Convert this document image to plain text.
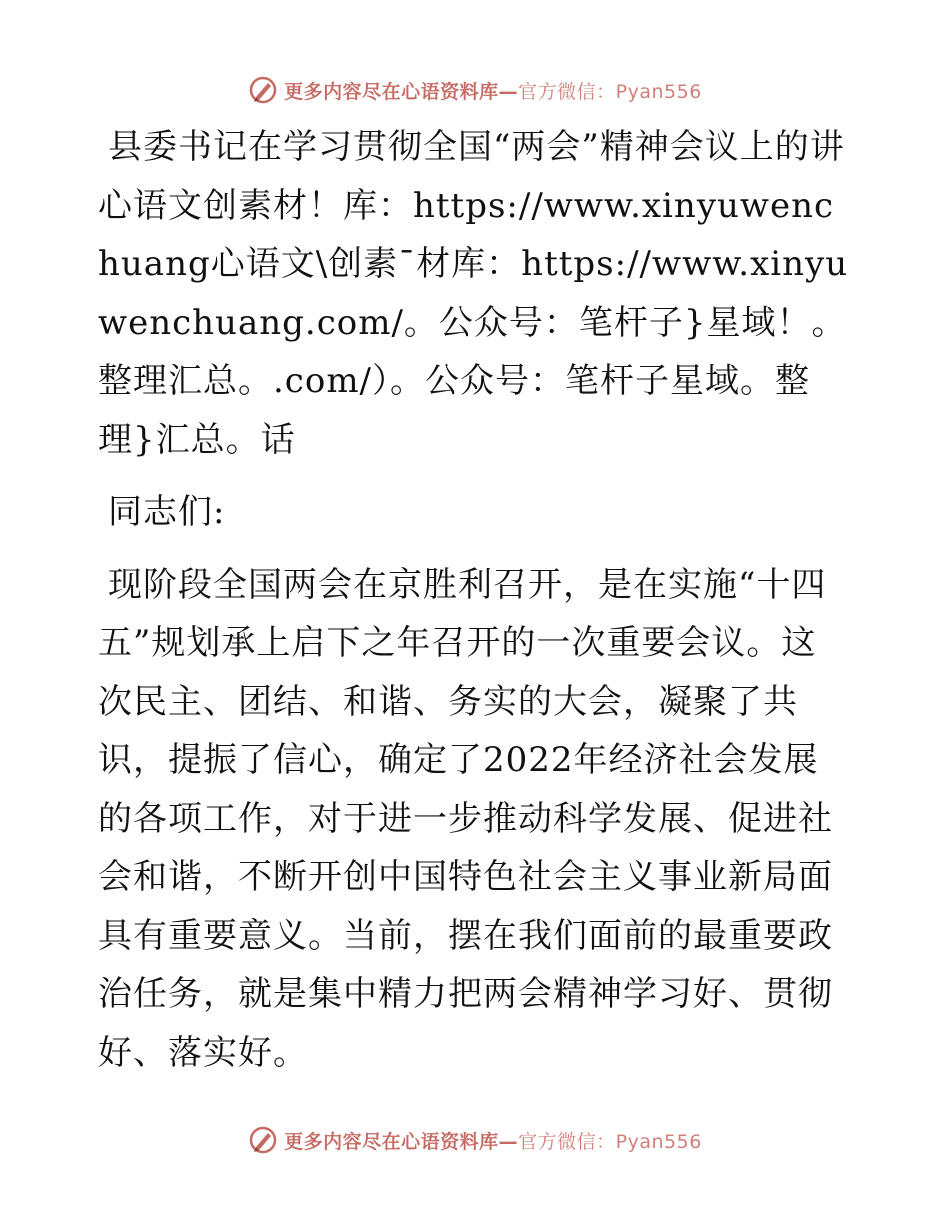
更多内容尽在心语资料库—官方微信：Pyan556

县委书记在学习贯彻全国“两会”精神会议上的讲心语文创素材！库：https://www.xinyuwenchuang心语文\创素¯材库：https://www.xinyuwenchuang.com/。公众号：笔杆子}星域！。整理汇总。.com/）。公众号：笔杆子星域。整理}汇总。话

同志们:

现阶段全国两会在京胜利召开，是在实施“十四五”规划承上启下之年召开的一次重要会议。这次民主、团结、和谐、务实的大会，凝聚了共识，提振了信心，确定了2022年经济社会发展的各项工作，对于进一步推动科学发展、促进社会和谐，不断开创中国特色社会主义事业新局面具有重要意义。当前，摆在我们面前的最重要政治任务，就是集中精力把两会精神学习好、贯彻好、落实好。

更多内容尽在心语资料库—官方微信：Pyan556
